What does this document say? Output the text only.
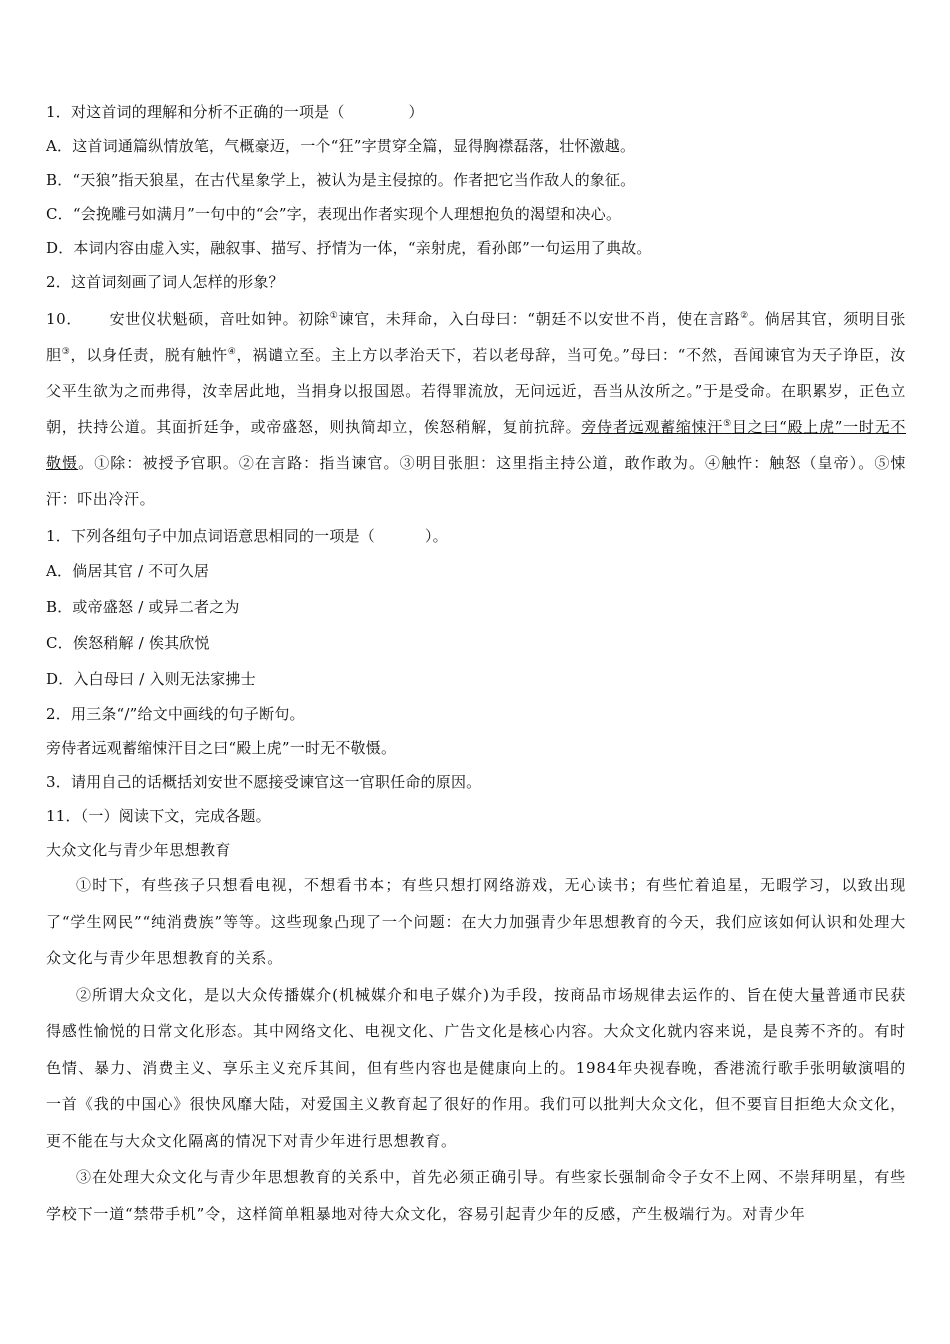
1．对这首词的理解和分析不正确的一项是（	）
A．这首词通篇纵情放笔，气概豪迈，一个“狂”字贯穿全篇，显得胸襟磊落，壮怀激越。
B．“天狼”指天狼星，在古代星象学上，被认为是主侵掠的。作者把它当作敌人的象征。
C．“会挽雕弓如满月”一句中的“会”字，表现出作者实现个人理想抱负的渴望和决心。
D．本词内容由虚入实，融叙事、描写、抒情为一体，“亲射虎，看孙郎”一句运用了典故。
2．这首词刻画了词人怎样的形象？

10． 安世仪状魁硕，音吐如钟。初除①谏官，未拜命，入白母曰：“朝廷不以安世不肖，使在言路②。倘居其官，须明目张胆③，以身任责，脱有触忤④，祸谴立至。主上方以孝治天下，若以老母辞，当可免。”母曰：“不然，吾闻谏官为天子诤臣，汝父平生欲为之而弗得，汝幸居此地，当捐身以报国恩。若得罪流放，无问远近，吾当从汝所之。”于是受命。在职累岁，正色立朝，扶持公道。其面折廷争，或帝盛怒，则执简却立，俟怒稍解，复前抗辞。旁侍者远观蓄缩悚汗⑤目之曰“殿上虎”一时无不敬慑。①除：被授予官职。②在言路：指当谏官。③明目张胆：这里指主持公道，敢作敢为。④触忤：触怒（皇帝）。⑤悚汗：吓出冷汗。

1．下列各组句子中加点词语意思相同的一项是（	）。
A．倘居其官 / 不可久居
B．或帝盛怒 / 或异二者之为
C．俟怒稍解 / 俟其欣悦
D．入白母曰 / 入则无法家拂士
2．用三条“/”给文中画线的句子断句。
旁侍者远观蓄缩悚汗目之曰“殿上虎”一时无不敬慑。
3．请用自己的话概括刘安世不愿接受谏官这一官职任命的原因。
11．（一）阅读下文，完成各题。
大众文化与青少年思想教育

①时下，有些孩子只想看电视，不想看书本；有些只想打网络游戏，无心读书；有些忙着追星，无暇学习，以致出现了“学生网民”“纯消费族”等等。这些现象凸现了一个问题：在大力加强青少年思想教育的今天，我们应该如何认识和处理大众文化与青少年思想教育的关系。

②所谓大众文化，是以大众传播媒介(机械媒介和电子媒介)为手段，按商品市场规律去运作的、旨在使大量普通市民获得感性愉悦的日常文化形态。其中网络文化、电视文化、广告文化是核心内容。大众文化就内容来说，是良莠不齐的。有时色情、暴力、消费主义、享乐主义充斥其间，但有些内容也是健康向上的。1984年央视春晚，香港流行歌手张明敏演唱的一首《我的中国心》很快风靡大陆，对爱国主义教育起了很好的作用。我们可以批判大众文化，但不要盲目拒绝大众文化，更不能在与大众文化隔离的情况下对青少年进行思想教育。

③在处理大众文化与青少年思想教育的关系中，首先必须正确引导。有些家长强制命令子女不上网、不崇拜明星，有些学校下一道“禁带手机”令，这样简单粗暴地对待大众文化，容易引起青少年的反感，产生极端行为。对青少年
